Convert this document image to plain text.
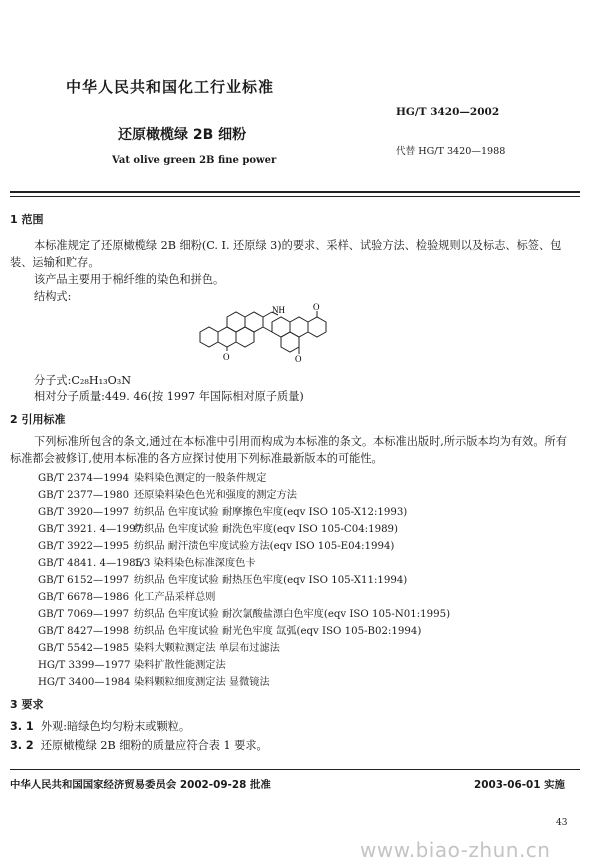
中华人民共和国化工行业标准
HG/T 3420—2002
还原橄榄绿 2B 细粉
代替 HG/T 3420—1988
Vat olive green 2B fine power
1 范围
本标准规定了还原橄榄绿 2B 细粉(C. I. 还原绿 3)的要求、采样、试验方法、检验规则以及标志、标签、包装、运输和贮存。
该产品主要用于棉纤维的染色和拼色。
结构式:
NH	O
O	O
分子式:C₂₈H₁₃O₃N
相对分子质量:449. 46(按 1997 年国际相对原子质量)
2 引用标准
下列标准所包含的条文,通过在本标准中引用而构成为本标准的条文。本标准出版时,所示版本均为有效。所有标准都会被修订,使用本标准的各方应探讨使用下列标准最新版本的可能性。
GB/T 2374—1994 染料染色测定的一般条件规定
GB/T 2377—1980 还原染料染色色光和强度的测定方法
GB/T 3920—1997 纺织品 色牢度试验 耐摩擦色牢度(eqv ISO 105-X12:1993)
GB/T 3921. 4—1997纺织品 色牢度试验 耐洗色牢度(eqv ISO 105-C04:1989)
GB/T 3922—1995 纺织品 耐汗渍色牢度试验方法(eqv ISO 105-E04:1994)
GB/T 4841. 4—19851/3 染料染色标准深度色卡
GB/T 6152—1997 纺织品 色牢度试验 耐热压色牢度(eqv ISO 105-X11:1994)
GB/T 6678—1986 化工产品采样总则
GB/T 7069—1997 纺织品 色牢度试验 耐次氯酸盐漂白色牢度(eqv ISO 105-N01:1995)
GB/T 8427—1998 纺织品 色牢度试验 耐光色牢度 氙弧(eqv ISO 105-B02:1994)
GB/T 5542—1985 染料大颗粒测定法 单层布过滤法
HG/T 3399—1977 染料扩散性能测定法
HG/T 3400—1984 染料颗粒细度测定法 显微镜法
3 要求
3. 1 外观:暗绿色均匀粉末或颗粒。
3. 2 还原橄榄绿 2B 细粉的质量应符合表 1 要求。
中华人民共和国国家经济贸易委员会 2002-09-28 批准	2003-06-01 实施
43
www.biao-zhun.cn
